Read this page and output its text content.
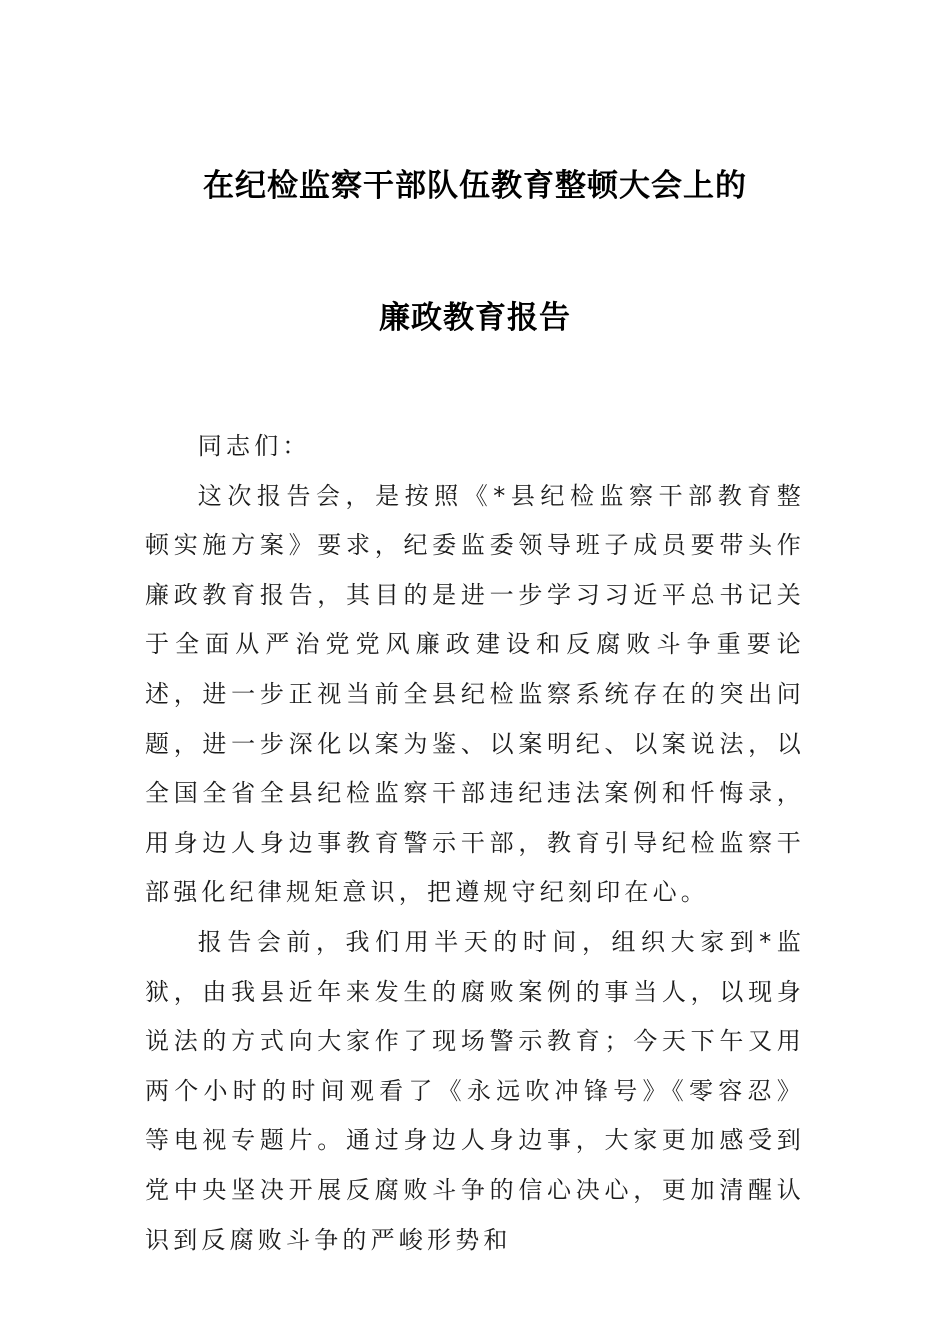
在纪检监察干部队伍教育整顿大会上的
廉政教育报告

同志们：

这次报告会，是按照《*县纪检监察干部教育整顿实施方案》要求，纪委监委领导班子成员要带头作廉政教育报告，其目的是进一步学习习近平总书记关于全面从严治党党风廉政建设和反腐败斗争重要论述，进一步正视当前全县纪检监察系统存在的突出问题，进一步深化以案为鉴、以案明纪、以案说法，以全国全省全县纪检监察干部违纪违法案例和忏悔录，用身边人身边事教育警示干部，教育引导纪检监察干部强化纪律规矩意识，把遵规守纪刻印在心。

报告会前，我们用半天的时间，组织大家到*监狱，由我县近年来发生的腐败案例的事当人，以现身说法的方式向大家作了现场警示教育；今天下午又用两个小时的时间观看了《永远吹冲锋号》《零容忍》等电视专题片。通过身边人身边事，大家更加感受到党中央坚决开展反腐败斗争的信心决心，更加清醒认识到反腐败斗争的严峻形势和
